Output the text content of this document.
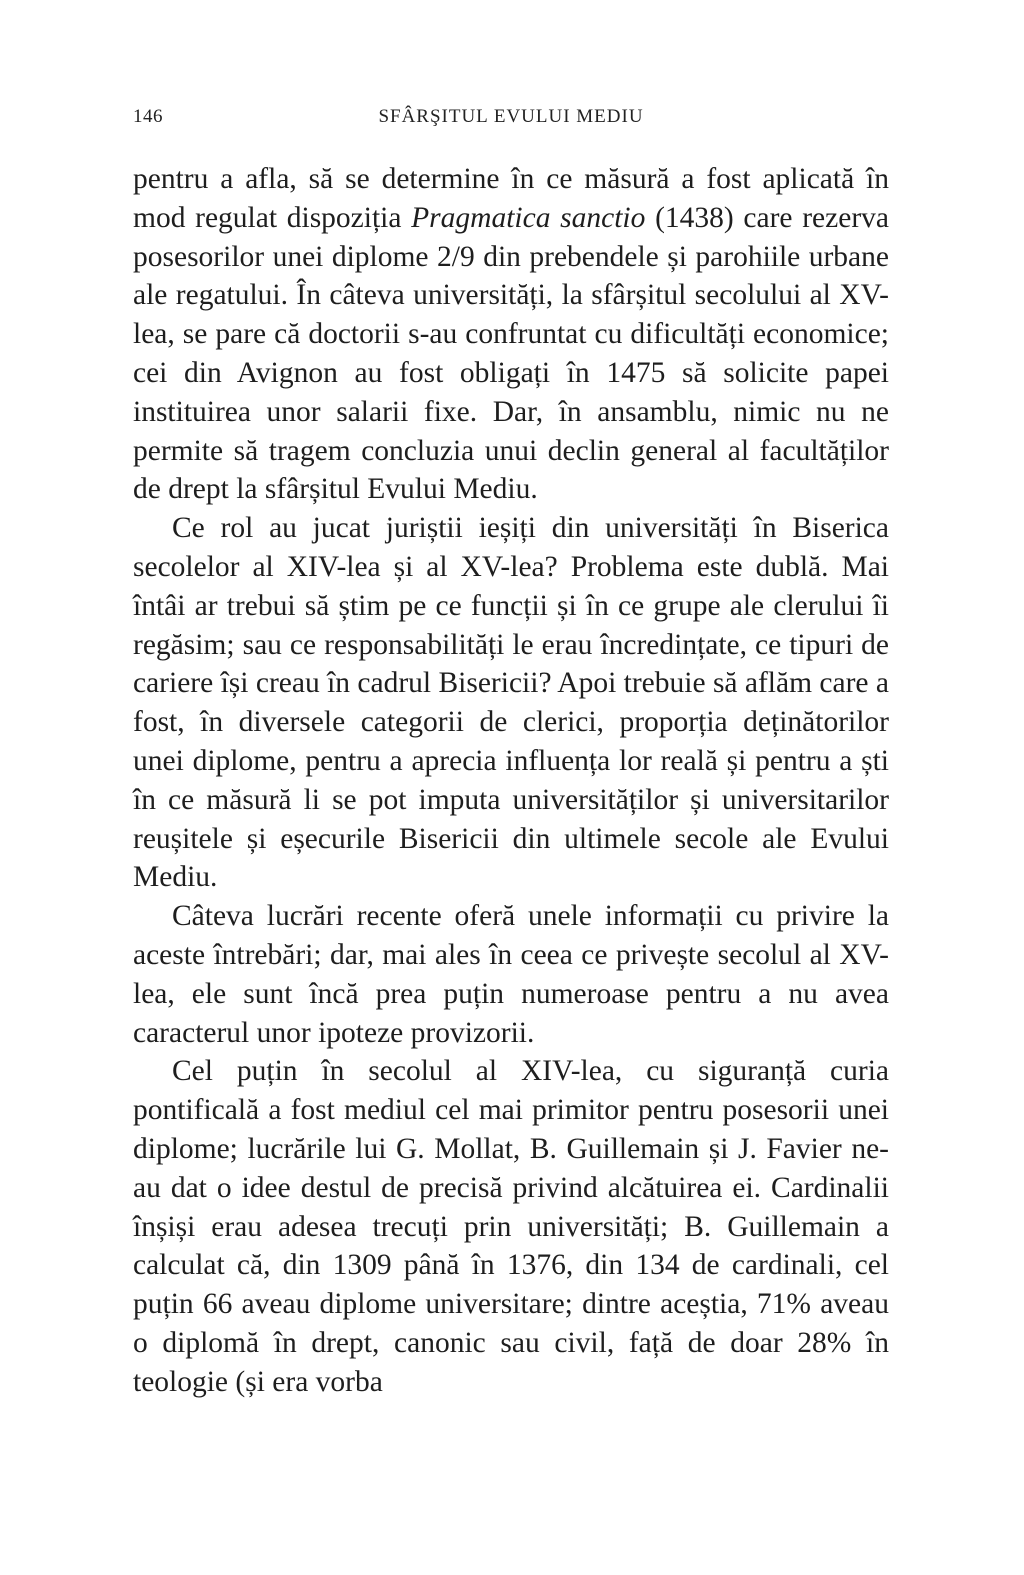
146	SFÂRŞITUL EVULUI MEDIU

pentru a afla, să se determine în ce măsură a fost aplicată în mod regulat dispoziția Pragmatica sanctio (1438) care rezerva posesorilor unei diplome 2/9 din prebendele și parohiile urbane ale regatului. În câteva universități, la sfârșitul secolului al XV-lea, se pare că doctorii s-au confruntat cu dificultăți economice; cei din Avignon au fost obligați în 1475 să solicite papei instituirea unor salarii fixe. Dar, în ansamblu, nimic nu ne permite să tragem concluzia unui declin general al facultăților de drept la sfârșitul Evului Mediu.

Ce rol au jucat juriștii ieșiți din universități în Biserica secolelor al XIV-lea și al XV-lea? Problema este dublă. Mai întâi ar trebui să știm pe ce funcții și în ce grupe ale clerului îi regăsim; sau ce responsabilități le erau încredințate, ce tipuri de cariere își creau în cadrul Bisericii? Apoi trebuie să aflăm care a fost, în diversele categorii de clerici, proporția deținătorilor unei diplome, pentru a aprecia influența lor reală și pentru a ști în ce măsură li se pot imputa universităților și universitarilor reușitele și eșecurile Bisericii din ultimele secole ale Evului Mediu.

Câteva lucrări recente oferă unele informații cu privire la aceste întrebări; dar, mai ales în ceea ce privește secolul al XV-lea, ele sunt încă prea puțin numeroase pentru a nu avea caracterul unor ipoteze provizorii.

Cel puțin în secolul al XIV-lea, cu siguranță curia pontificală a fost mediul cel mai primitor pentru posesorii unei diplome; lucrările lui G. Mollat, B. Guillemain și J. Favier ne-au dat o idee destul de precisă privind alcătuirea ei. Cardinalii înșiși erau adesea trecuți prin universități; B. Guillemain a calculat că, din 1309 până în 1376, din 134 de cardinali, cel puțin 66 aveau diplome universitare; dintre aceștia, 71% aveau o diplomă în drept, canonic sau civil, față de doar 28% în teologie (și era vorba
